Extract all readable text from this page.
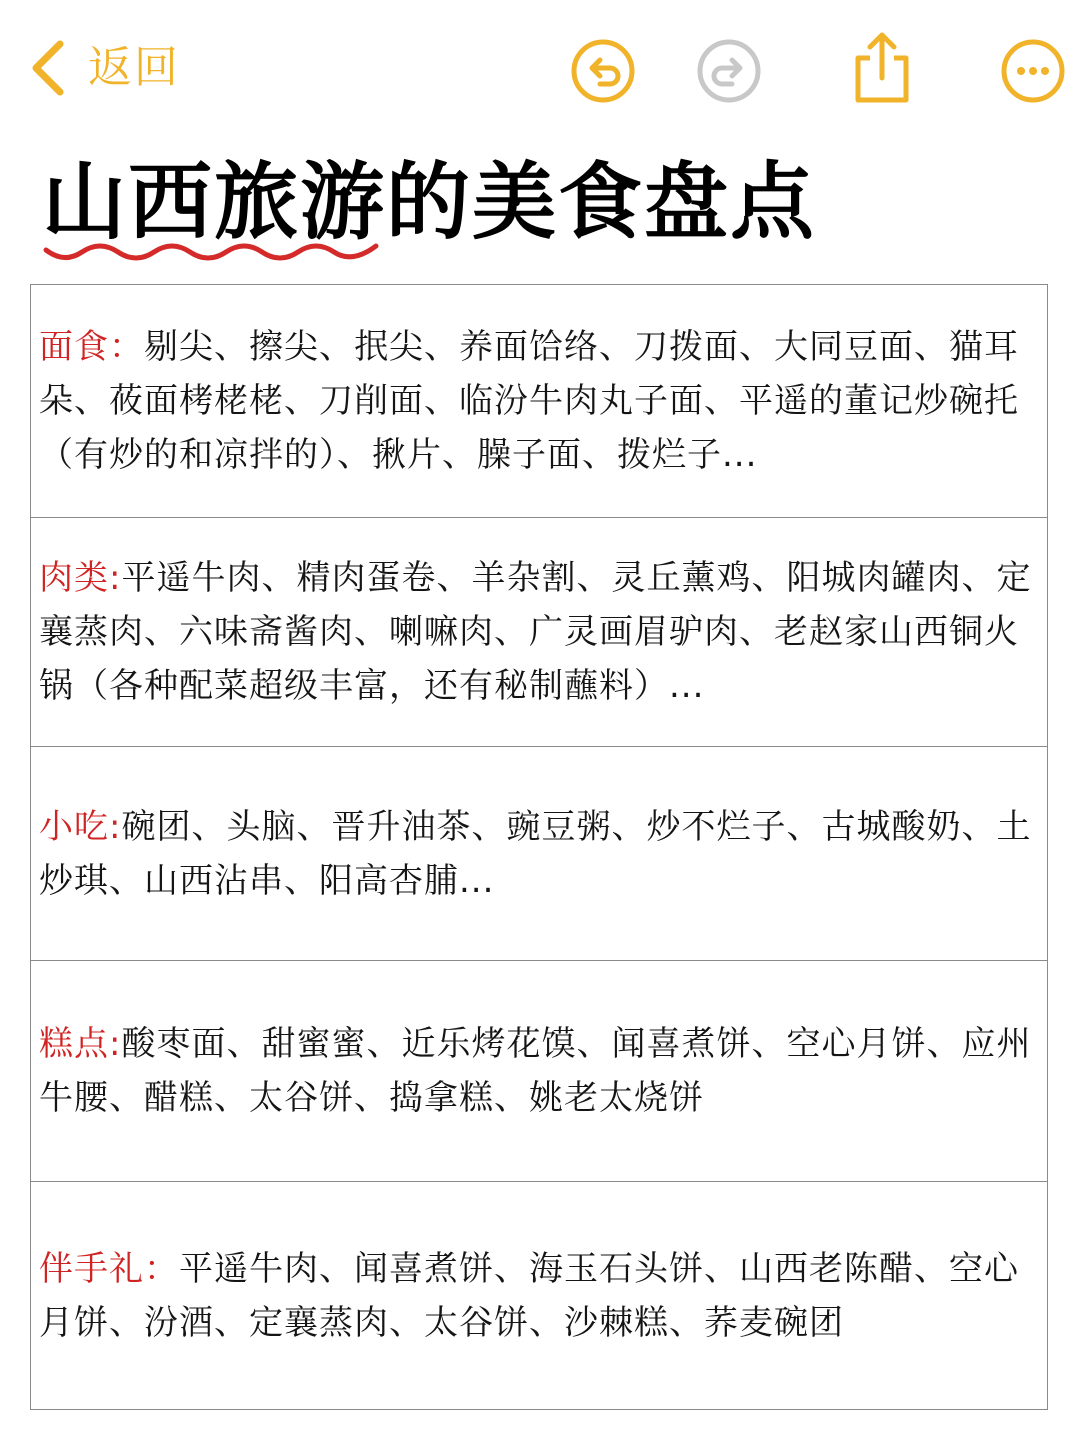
返回
山西旅游的美食盘点

面食：剔尖、擦尖、抿尖、养面饸络、刀拨面、大同豆面、猫耳朵、莜面栲栳栳、刀削面、临汾牛肉丸子面、平遥的董记炒碗托（有炒的和凉拌的）、揪片、臊子面、拨烂子...

肉类:平遥牛肉、精肉蛋卷、羊杂割、灵丘薰鸡、阳城肉罐肉、定襄蒸肉、六味斋酱肉、喇嘛肉、广灵画眉驴肉、老赵家山西铜火锅（各种配菜超级丰富，还有秘制蘸料）...

小吃:碗团、头脑、晋升油茶、豌豆粥、炒不烂子、古城酸奶、土炒琪、山西沾串、阳高杏脯...

糕点:酸枣面、甜蜜蜜、近乐烤花馍、闻喜煮饼、空心月饼、应州牛腰、醋糕、太谷饼、捣拿糕、姚老太烧饼

伴手礼：平遥牛肉、闻喜煮饼、海玉石头饼、山西老陈醋、空心月饼、汾酒、定襄蒸肉、太谷饼、沙棘糕、荞麦碗团
